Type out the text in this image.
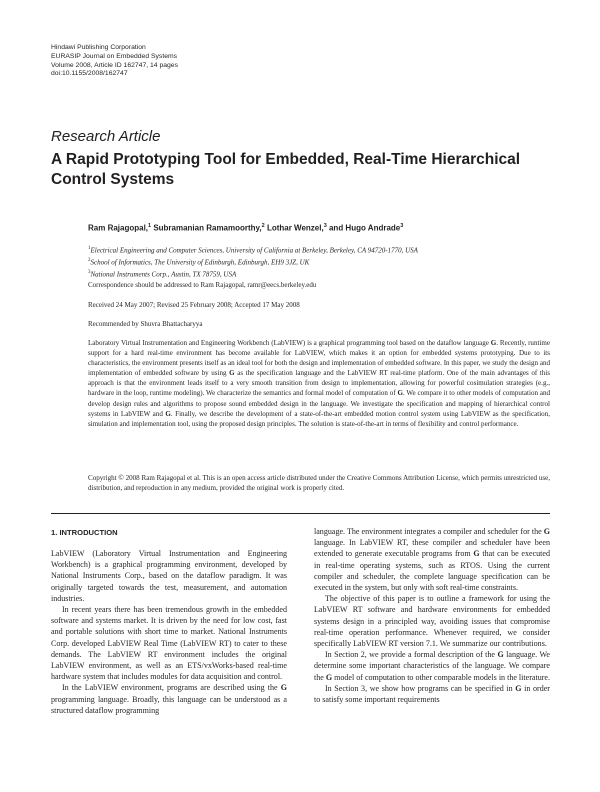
Hindawi Publishing Corporation
EURASIP Journal on Embedded Systems
Volume 2008, Article ID 162747, 14 pages
doi:10.1155/2008/162747
Research Article
A Rapid Prototyping Tool for Embedded, Real-Time Hierarchical Control Systems
Ram Rajagopal,$^1$ Subramanian Ramamoorthy,$^2$ Lothar Wenzel,$^3$ and Hugo Andrade$^3$
$^1$Electrical Engineering and Computer Sciences, University of California at Berkeley, Berkeley, CA 94720-1770, USA
$^2$School of Informatics, The University of Edinburgh, Edinburgh, EH9 3JZ, UK
$^3$National Instruments Corp., Austin, TX 78759, USA
Correspondence should be addressed to Ram Rajagopal, ramr@eecs.berkeley.edu
Received 24 May 2007; Revised 25 February 2008; Accepted 17 May 2008
Recommended by Shuvra Bhattacharyya
Laboratory Virtual Instrumentation and Engineering Workbench (LabVIEW) is a graphical programming tool based on the dataflow language G. Recently, runtime support for a hard real-time environment has become available for LabVIEW, which makes it an option for embedded systems prototyping. Due to its characteristics, the environment presents itself as an ideal tool for both the design and implementation of embedded software. In this paper, we study the design and implementation of embedded software by using G as the specification language and the LabVIEW RT real-time platform. One of the main advantages of this approach is that the environment leads itself to a very smooth transition from design to implementation, allowing for powerful cosimulation strategies (e.g., hardware in the loop, runtime modeling). We characterize the semantics and formal model of computation of G. We compare it to other models of computation and develop design rules and algorithms to propose sound embedded design in the language. We investigate the specification and mapping of hierarchical control systems in LabVIEW and G. Finally, we describe the development of a state-of-the-art embedded motion control system using LabVIEW as the specification, simulation and implementation tool, using the proposed design principles. The solution is state-of-the-art in terms of flexibility and control performance.
Copyright © 2008 Ram Rajagopal et al. This is an open access article distributed under the Creative Commons Attribution License, which permits unrestricted use, distribution, and reproduction in any medium, provided the original work is properly cited.
1. INTRODUCTION

LabVIEW (Laboratory Virtual Instrumentation and Engineering Workbench) is a graphical programming environment, developed by National Instruments Corp., based on the dataflow paradigm. It was originally targeted towards the test, measurement, and automation industries.

In recent years there has been tremendous growth in the embedded software and systems market. It is driven by the need for low cost, fast and portable solutions with short time to market. National Instruments Corp. developed LabVIEW Real Time (LabVIEW RT) to cater to these demands. The LabVIEW RT environment includes the original LabVIEW environment, as well as an ETS/vxWorks-based real-time hardware system that includes modules for data acquisition and control.

In the LabVIEW environment, programs are described using the G programming language. Broadly, this language can be understood as a structured dataflow programming

language. The environment integrates a compiler and scheduler for the G language. In LabVIEW RT, these compiler and scheduler have been extended to generate executable programs from G that can be executed in real-time operating systems, such as RTOS. Using the current compiler and scheduler, the complete language specification can be executed in the system, but only with soft real-time constraints.

The objective of this paper is to outline a framework for using the LabVIEW RT software and hardware environments for embedded systems design in a principled way, avoiding issues that compromise real-time operation performance. Whenever required, we consider specifically LabVIEW RT version 7.1. We summarize our contributions.

In Section 2, we provide a formal description of the G language. We determine some important characteristics of the language. We compare the G model of computation to other comparable models in the literature.

In Section 3, we show how programs can be specified in G in order to satisfy some important requirements
